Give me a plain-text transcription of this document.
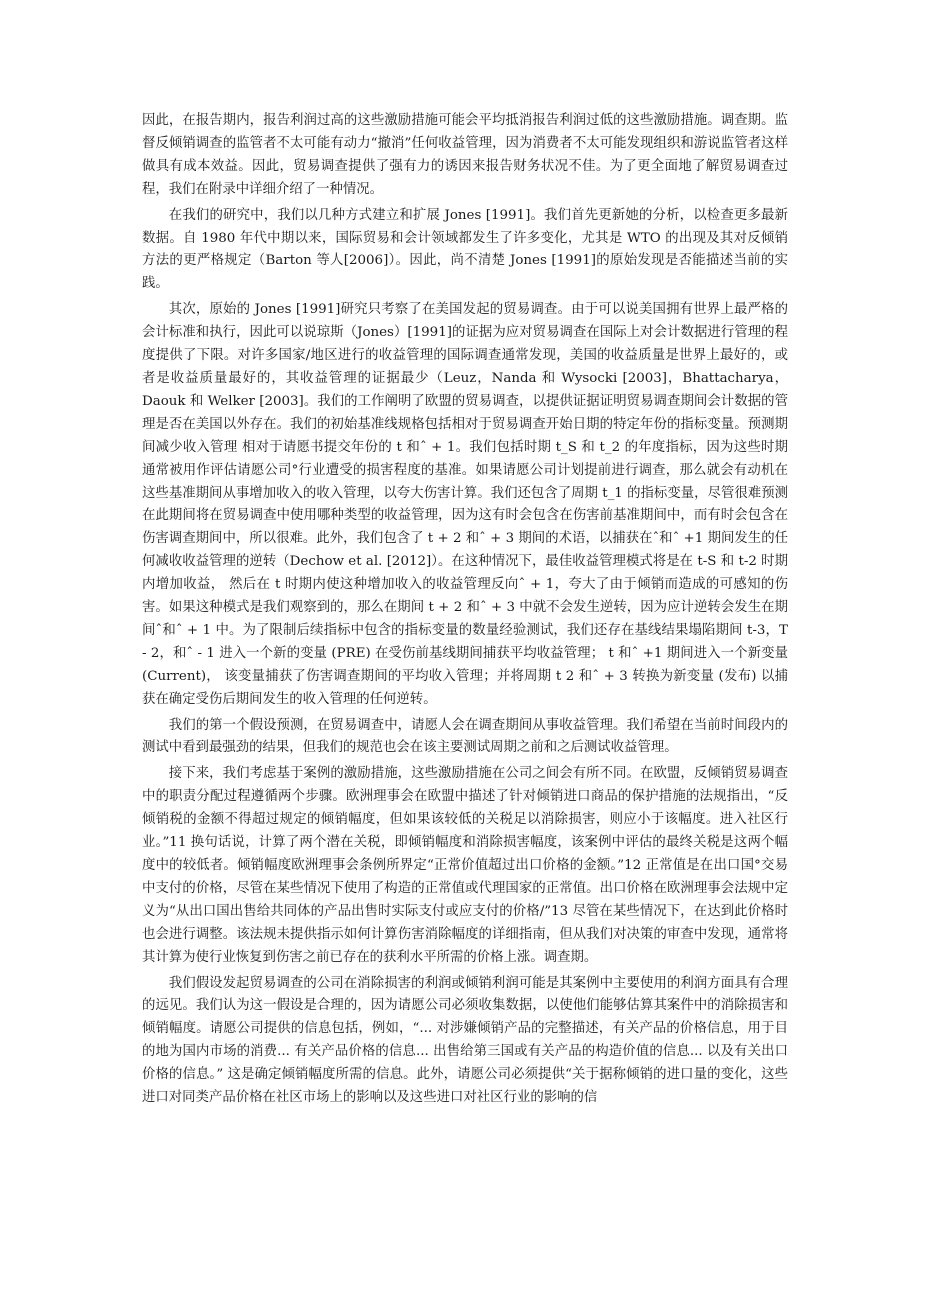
因此，在报告期内，报告利润过高的这些激励措施可能会平均抵消报告利润过低的这些激励措施。调查期。监督反倾销调查的监管者不太可能有动力“撤消”任何收益管理，因为消费者不太可能发现组织和游说监管者这样做具有成本效益。因此，贸易调查提供了强有力的诱因来报告财务状况不佳。为了更全面地了解贸易调查过程，我们在附录中详细介绍了一种情况。

在我们的研究中，我们以几种方式建立和扩展 Jones [1991]。我们首先更新她的分析，以检查更多最新数据。自 1980 年代中期以来，国际贸易和会计领域都发生了许多变化，尤其是 WTO 的出现及其对反倾销方法的更严格规定（Barton 等人[2006]）。因此，尚不清楚 Jones [1991]的原始发现是否能描述当前的实践。

其次，原始的 Jones [1991]研究只考察了在美国发起的贸易调查。由于可以说美国拥有世界上最严格的会计标准和执行，因此可以说琼斯（Jones）[1991]的证据为应对贸易调查在国际上对会计数据进行管理的程度提供了下限。对许多国家/地区进行的收益管理的国际调查通常发现，美国的收益质量是世界上最好的，或者是收益质量最好的，其收益管理的证据最少（Leuz，Nanda 和 Wysocki [2003]，Bhattacharya，Daouk 和 Welker [2003]。我们的工作阐明了欧盟的贸易调查，以提供证据证明贸易调查期间会计数据的管理是否在美国以外存在。我们的初始基准线规格包括相对于贸易调查开始日期的特定年份的指标变量。预测期间减少收入管理 相对于请愿书提交年份的 t 和ˆ + 1。我们包括时期 t_S 和 t_2 的年度指标，因为这些时期通常被用作评估请愿公司°行业遭受的损害程度的基准。如果请愿公司计划提前进行调查，那么就会有动机在这些基准期间从事增加收入的收入管理，以夸大伤害计算。我们还包含了周期 t_1 的指标变量，尽管很难预测在此期间将在贸易调查中使用哪种类型的收益管理，因为这有时会包含在伤害前基准期间中，而有时会包含在伤害调查期间中，所以很难。此外，我们包含了 t + 2 和ˆ + 3 期间的术语，以捕获在ˆ和ˆ +1 期间发生的任何减收收益管理的逆转（Dechow et al. [2012]）。在这种情况下，最佳收益管理模式将是在 t-S 和 t-2 时期内增加收益， 然后在 t 时期内使这种增加收入的收益管理反向ˆ + 1，夸大了由于倾销而造成的可感知的伤害。如果这种模式是我们观察到的，那么在期间 t + 2 和ˆ + 3 中就不会发生逆转，因为应计逆转会发生在期间ˆ和ˆ + 1 中。为了限制后续指标中包含的指标变量的数量经验测试，我们还存在基线结果塌陷期间 t-3，T - 2，和ˆ - 1 进入一个新的变量 (PRE) 在受伤前基线期间捕获平均收益管理； t 和ˆ +1 期间进入一个新变量 (Current)， 该变量捕获了伤害调查期间的平均收入管理；并将周期 t 2 和ˆ + 3 转换为新变量 (发布) 以捕获在确定受伤后期间发生的收入管理的任何逆转。

我们的第一个假设预测，在贸易调查中，请愿人会在调查期间从事收益管理。我们希望在当前时间段内的测试中看到最强劲的结果，但我们的规范也会在该主要测试周期之前和之后测试收益管理。

接下来，我们考虑基于案例的激励措施，这些激励措施在公司之间会有所不同。在欧盟，反倾销贸易调查中的职责分配过程遵循两个步骤。欧洲理事会在欧盟中描述了针对倾销进口商品的保护措施的法规指出，“反倾销税的金额不得超过规定的倾销幅度，但如果该较低的关税足以消除损害，则应小于该幅度。进入社区行业。”11 换句话说，计算了两个潜在关税，即倾销幅度和消除损害幅度，该案例中评估的最终关税是这两个幅度中的较低者。倾销幅度欧洲理事会条例所界定“正常价值超过出口价格的金额。”12 正常值是在出口国°交易中支付的价格，尽管在某些情况下使用了构造的正常值或代理国家的正常值。出口价格在欧洲理事会法规中定义为“从出口国出售给共同体的产品出售时实际支付或应支付的价格/”13 尽管在某些情况下，在达到此价格时也会进行调整。该法规未提供指示如何计算伤害消除幅度的详细指南，但从我们对决策的审查中发现，通常将其计算为使行业恢复到伤害之前已存在的获利水平所需的价格上涨。调查期。

我们假设发起贸易调查的公司在消除损害的利润或倾销利润可能是其案例中主要使用的利润方面具有合理的远见。我们认为这一假设是合理的，因为请愿公司必须收集数据，以使他们能够估算其案件中的消除损害和倾销幅度。请愿公司提供的信息包括，例如，“... 对涉嫌倾销产品的完整描述，有关产品的价格信息，用于目的地为国内市场的消费... 有关产品价格的信息... 出售给第三国或有关产品的构造价值的信息... 以及有关出口价格的信息。” 这是确定倾销幅度所需的信息。此外，请愿公司必须提供“关于据称倾销的进口量的变化，这些进口对同类产品价格在社区市场上的影响以及这些进口对社区行业的影响的信
